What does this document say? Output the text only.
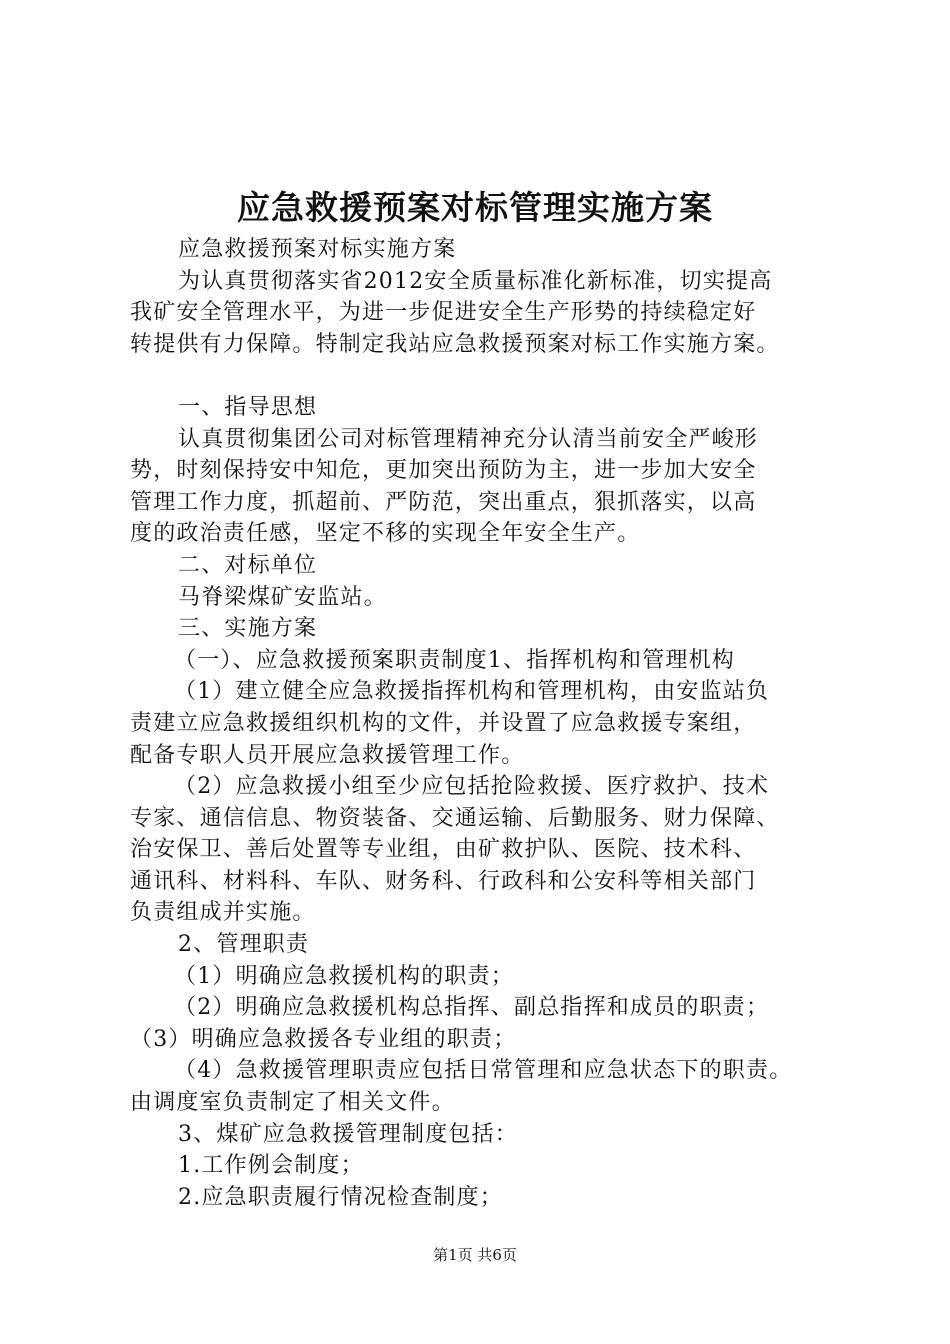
应急救援预案对标管理实施方案
应急救援预案对标实施方案
为认真贯彻落实省2012安全质量标准化新标准，切实提高
我矿安全管理水平，为进一步促进安全生产形势的持续稳定好
转提供有力保障。特制定我站应急救援预案对标工作实施方案。
一、指导思想
认真贯彻集团公司对标管理精神充分认清当前安全严峻形
势，时刻保持安中知危，更加突出预防为主，进一步加大安全
管理工作力度，抓超前、严防范，突出重点，狠抓落实，以高
度的政治责任感，坚定不移的实现全年安全生产。
二、对标单位
马脊梁煤矿安监站。
三、实施方案
（一）、应急救援预案职责制度1、指挥机构和管理机构
（1）建立健全应急救援指挥机构和管理机构，由安监站负
责建立应急救援组织机构的文件，并设置了应急救援专案组，
配备专职人员开展应急救援管理工作。
（2）应急救援小组至少应包括抢险救援、医疗救护、技术
专家、通信信息、物资装备、交通运输、后勤服务、财力保障、
治安保卫、善后处置等专业组，由矿救护队、医院、技术科、
通讯科、材料科、车队、财务科、行政科和公安科等相关部门
负责组成并实施。
2、管理职责
（1）明确应急救援机构的职责；
（2）明确应急救援机构总指挥、副总指挥和成员的职责；
（3）明确应急救援各专业组的职责；
（4）急救援管理职责应包括日常管理和应急状态下的职责。
由调度室负责制定了相关文件。
3、煤矿应急救援管理制度包括：
1.工作例会制度；
2.应急职责履行情况检查制度；
第1页 共6页
